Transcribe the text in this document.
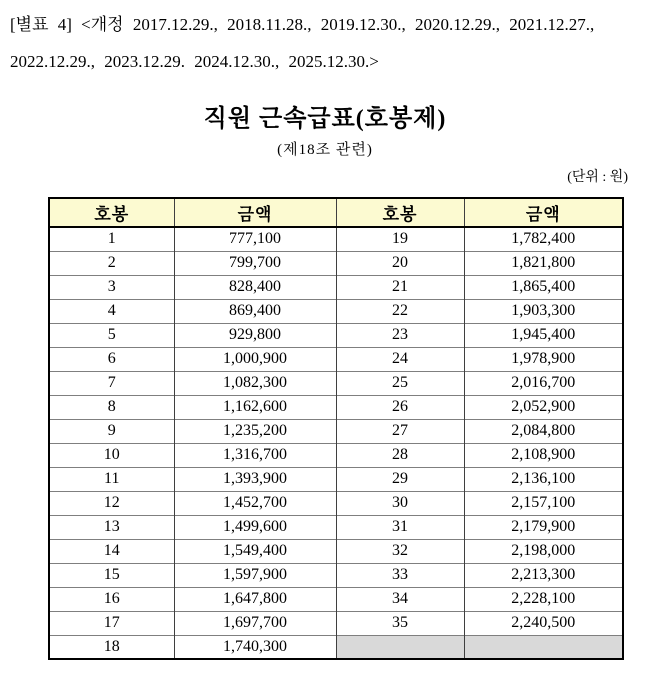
[별표 4] <개정 2017.12.29., 2018.11.28., 2019.12.30., 2020.12.29., 2021.12.27.,
2022.12.29., 2023.12.29. 2024.12.30., 2025.12.30.>
직원 근속급표(호봉제)
(제18조 관련)
(단위 : 원)
호봉	금액	호봉	금액
1	777,100	19	1,782,400
2	799,700	20	1,821,800
3	828,400	21	1,865,400
4	869,400	22	1,903,300
5	929,800	23	1,945,400
6	1,000,900	24	1,978,900
7	1,082,300	25	2,016,700
8	1,162,600	26	2,052,900
9	1,235,200	27	2,084,800
10	1,316,700	28	2,108,900
11	1,393,900	29	2,136,100
12	1,452,700	30	2,157,100
13	1,499,600	31	2,179,900
14	1,549,400	32	2,198,000
15	1,597,900	33	2,213,300
16	1,647,800	34	2,228,100
17	1,697,700	35	2,240,500
18	1,740,300		
